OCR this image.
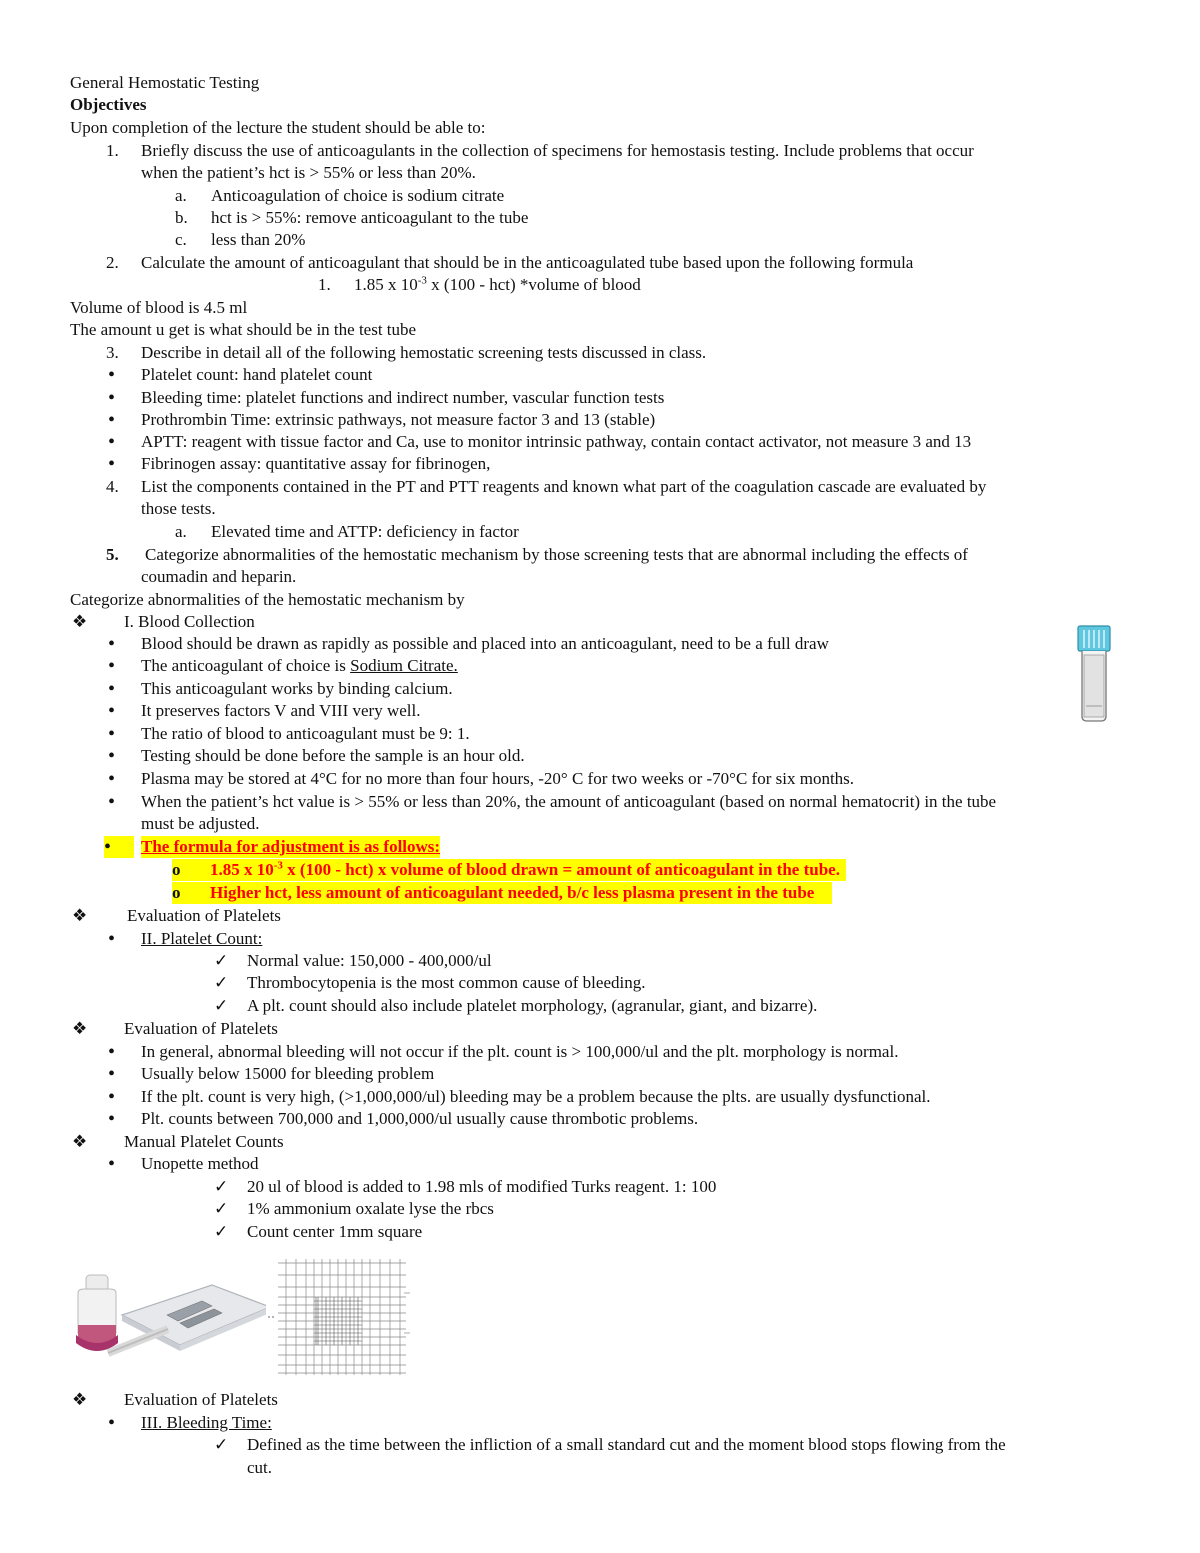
General Hemostatic Testing
Objectives
Upon completion of the lecture the student should be able to:
1. Briefly discuss the use of anticoagulants in the collection of specimens for hemostasis testing. Include problems that occur
when the patient’s hct is > 55% or less than 20%.
a. Anticoagulation of choice is sodium citrate
b. hct is > 55%: remove anticoagulant to the tube
c. less than 20%
2. Calculate the amount of anticoagulant that should be in the anticoagulated tube based upon the following formula
1. 1.85 x $10^{-3}$ x (100 - hct) *volume of blood
Volume of blood is 4.5 ml
The amount u get is what should be in the test tube
3. Describe in detail all of the following hemostatic screening tests discussed in class.
• Platelet count: hand platelet count
• Bleeding time: platelet functions and indirect number, vascular function tests
• Prothrombin Time: extrinsic pathways, not measure factor 3 and 13 (stable)
• APTT: reagent with tissue factor and Ca, use to monitor intrinsic pathway, contain contact activator, not measure 3 and 13
• Fibrinogen assay: quantitative assay for fibrinogen,
4. List the components contained in the PT and PTT reagents and known what part of the coagulation cascade are evaluated by
those tests.
a. Elevated time and ATTP: deficiency in factor
5. Categorize abnormalities of the hemostatic mechanism by those screening tests that are abnormal including the effects of
coumadin and heparin.
Categorize abnormalities of the hemostatic mechanism by
❖ I. Blood Collection
• Blood should be drawn as rapidly as possible and placed into an anticoagulant, need to be a full draw
• The anticoagulant of choice is Sodium Citrate.
• This anticoagulant works by binding calcium.
• It preserves factors V and VIII very well.
• The ratio of blood to anticoagulant must be 9: 1.
• Testing should be done before the sample is an hour old.
• Plasma may be stored at 4°C for no more than four hours, -20° C for two weeks or -70°C for six months.
• When the patient’s hct value is > 55% or less than 20%, the amount of anticoagulant (based on normal hematocrit) in the tube
must be adjusted.
•	The formula for adjustment is as follows:
o	1.85 x $10^{-3}$ x (100 - hct) x volume of blood drawn = amount of anticoagulant in the tube.
o	Higher hct, less amount of anticoagulant needed, b/c less plasma present in the tube
❖ Evaluation of Platelets
• II. Platelet Count:
✓ Normal value: 150,000 - 400,000/ul
✓ Thrombocytopenia is the most common cause of bleeding.
✓ A plt. count should also include platelet morphology, (agranular, giant, and bizarre).
❖ Evaluation of Platelets
• In general, abnormal bleeding will not occur if the plt. count is > 100,000/ul and the plt. morphology is normal.
• Usually below 15000 for bleeding problem
• If the plt. count is very high, (>1,000,000/ul) bleeding may be a problem because the plts. are usually dysfunctional.
• Plt. counts between 700,000 and 1,000,000/ul usually cause thrombotic problems.
❖ Manual Platelet Counts
• Unopette method
✓ 20 ul of blood is added to 1.98 mls of modified Turks reagent. 1: 100
✓ 1% ammonium oxalate lyse the rbcs
✓ Count center 1mm square
❖ Evaluation of Platelets
• III. Bleeding Time:
✓ Defined as the time between the infliction of a small standard cut and the moment blood stops flowing from the
cut.
